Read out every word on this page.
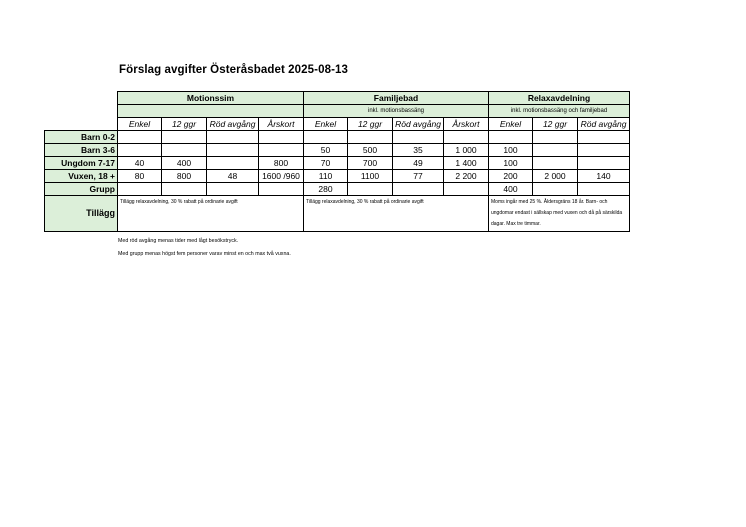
Förslag avgifter Österåsbadet 2025-08-13
	Motionssim				Familjebad				Relaxavdelning		
					inkl. motionsbassäng				inkl. motionsbassäng och familjebad		
	Enkel	12 ggr	Röd avgång	Årskort	Enkel	12 ggr	Röd avgång	Årskort	Enkel	12 ggr	Röd avgång
Barn 0-2											
Barn 3-6					50	500	35	1 000	100		
Ungdom 7-17	40	400		800	70	700	49	1 400	100		
Vuxen, 18 +	80	800	48	1600 /960	110	1100	77	2 200	200	2 000	140
Grupp					280				400		
Tillägg	Tillägg relaxavdelning, 30 % rabatt på ordinarie avgift				Tillägg relaxavdelning, 30 % rabatt på ordinarie avgift				Moms ingår med 25 %. Åldersgräns 18 år. Barn- och ungdomar endast i sällskap med vuxen och då på särskilda dagar. Max tre timmar.		
Med röd avgång menas tider med lågt besökstryck.
Med grupp menas högst fem personer varav minst en och max två vuxna.
